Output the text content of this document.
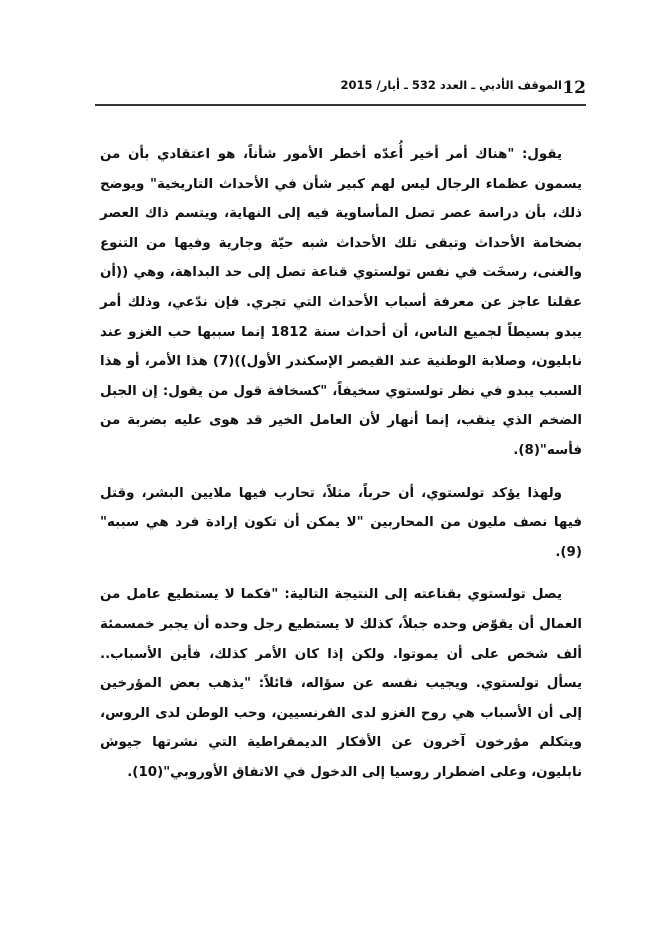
12
الموقف الأدبي ـ العدد 532 ـ أيار/ 2015

يقول: "هناك أمر أخير أُعدّه أخطر الأمور شأناً، هو اعتقادي بأن من يسمون عظماء الرجال ليس لهم كبير شأن في الأحداث التاريخية" ويوضح ذلك، بأن دراسة عصر تصل المأساوية فيه إلى النهاية، ويتسم ذاك العصر بضخامة الأحداث وتبقى تلك الأحداث شبه حيّة وجارية وفيها من التنوع والغنى، رسخَت في نفس تولستوي قناعة تصل إلى حد البداهة، وهي ((أن عقلنا عاجز عن معرفة أسباب الأحداث التي تجري. فإن ندّعي، وذلك أمر يبدو بسيطاً لجميع الناس، أن أحداث سنة 1812 إنما سببها حب الغزو عند نابليون، وصلابة الوطنية عند القيصر الإسكندر الأول))(7) هذا الأمر، أو هذا السبب يبدو في نظر تولستوي سخيفاً، "كسخافة قول من يقول: إن الجبل الضخم الذي ينقب، إنما أنهار لأن العامل الخير قد هوى عليه بضربة من فأسه"(8).

ولهذا يؤكد تولستوي، أن حرباً، مثلاً، تحارب فيها ملايين البشر، وقتل فيها نصف مليون من المحاربين "لا يمكن أن تكون إرادة فرد هي سببه"(9).

يصل تولستوي بقناعته إلى النتيجة التالية: "فكما لا يستطيع عامل من العمال أن يقوّض وحده جبلاً، كذلك لا يستطيع رجل وحده أن يجبر خمسمئة ألف شخص على أن يموتوا. ولكن إذا كان الأمر كذلك، فأين الأسباب.. يسأل تولستوي. ويجيب نفسه عن سؤاله، قائلاً: "يذهب بعض المؤرخين إلى أن الأسباب هي روح الغزو لدى الفرنسيين، وحب الوطن لدى الروس، ويتكلم مؤرخون آخرون عن الأفكار الديمقراطية التي نشرتها جيوش نابليون، وعلى اضطرار روسيا إلى الدخول في الاتفاق الأوروبي"(10).
